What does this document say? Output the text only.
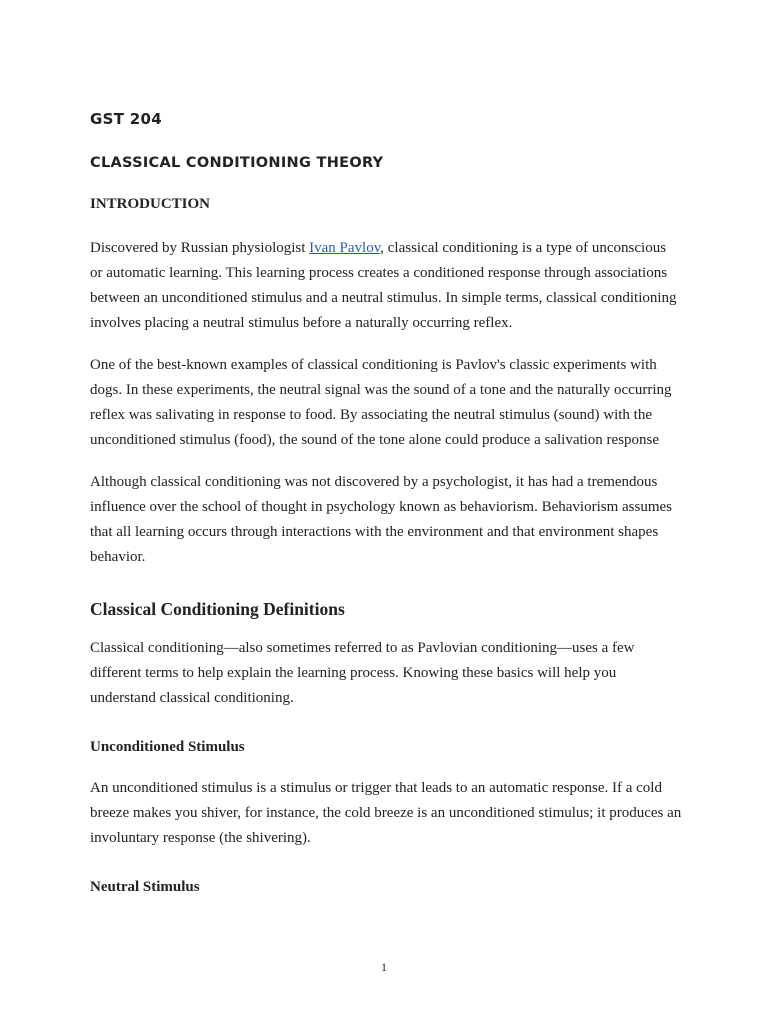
GST 204
CLASSICAL CONDITIONING THEORY
INTRODUCTION

Discovered by Russian physiologist Ivan Pavlov, classical conditioning is a type of unconscious or automatic learning. This learning process creates a conditioned response through associations between an unconditioned stimulus and a neutral stimulus. In simple terms, classical conditioning involves placing a neutral stimulus before a naturally occurring reflex.

One of the best-known examples of classical conditioning is Pavlov's classic experiments with dogs. In these experiments, the neutral signal was the sound of a tone and the naturally occurring reflex was salivating in response to food. By associating the neutral stimulus (sound) with the unconditioned stimulus (food), the sound of the tone alone could produce a salivation response

Although classical conditioning was not discovered by a psychologist, it has had a tremendous influence over the school of thought in psychology known as behaviorism. Behaviorism assumes that all learning occurs through interactions with the environment and that environment shapes behavior.

Classical Conditioning Definitions

Classical conditioning—also sometimes referred to as Pavlovian conditioning—uses a few different terms to help explain the learning process. Knowing these basics will help you understand classical conditioning.

Unconditioned Stimulus

An unconditioned stimulus is a stimulus or trigger that leads to an automatic response. If a cold breeze makes you shiver, for instance, the cold breeze is an unconditioned stimulus; it produces an involuntary response (the shivering).

Neutral Stimulus
1
